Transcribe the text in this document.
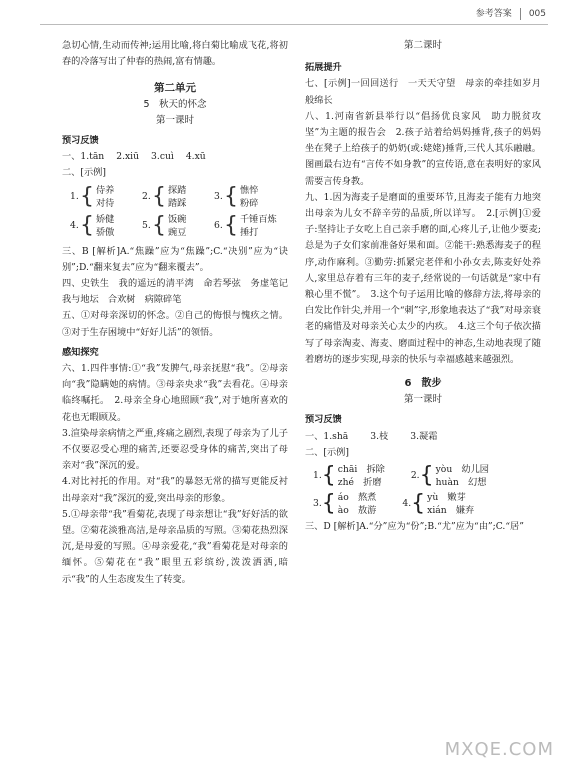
参考答案 005

急切心情,生动而传神;运用比喻,将白菊比喻成飞花,将初春的冷落写出了仲春的热闹,富有情趣。

第二单元
5　秋天的怀念
第一课时
预习反馈
一、1.tān 2.xiū 3.cuì 4.xū
二、[示例]
1. { 侍养
对待
2. { 探踏
踏踩
3. { 憔悴
粉碎
4. { 娇健
骄傲
5. { 饭碗
豌豆
6. { 千锤百炼
捶打

三、B [解析]A.“焦躁”应为“焦躁”;C.“决别”应为“诀别”;D.“翻来复去”应为“翻来覆去”。

四、史铁生　我的遥远的清平湾　命若琴弦　务虚笔记　我与地坛　合欢树　病隙碎笔

五、①对母亲深切的怀念。②自己的悔恨与愧疚之情。③对于生存困境中“好好儿活”的领悟。

感知探究

六、1.四件事情:①“我”发脾气,母亲抚慰“我”。②母亲向“我”隐瞒她的病情。③母亲央求“我”去看花。④母亲临终嘱托。　2.母亲全身心地照顾“我”,对于她所喜欢的花也无暇顾及。

3.渲染母亲病情之严重,疼痛之剧烈,表现了母亲为了儿子不仅要忍受心理的痛苦,还要忍受身体的痛苦,突出了母亲对“我”深沉的爱。

4.对比衬托的作用。对“我”的暴怒无常的描写更能反衬出母亲对“我”深沉的爱,突出母亲的形象。

5.①母亲带“我”看菊花,表现了母亲想让“我”好好活的欲望。②菊花淡雅高洁,是母亲品质的写照。③菊花热烈深沉,是母爱的写照。④母亲爱花,“我”看菊花是对母亲的缅怀。⑤菊花在“我”眼里五彩缤纷,泼泼洒洒,暗示“我”的人生态度发生了转变。

第二课时
拓展提升

七、[示例]一回回送行　一天天守望　母亲的牵挂如岁月般绵长

八、1.河南省新县举行以“倡扬优良家风　助力脱贫攻坚”为主题的报告会　2.孩子站着给妈妈捶背,孩子的妈妈坐在凳子上给孩子的奶奶(或:姥姥)捶背,三代人其乐融融。图画最右边有“言传不如身教”的宣传语,意在表明好的家风需要言传身教。

九、1.因为海麦子是磨面的重要环节,且海麦子能有力地突出母亲为儿女不辞辛劳的品质,所以详写。　2.[示例]①爱子:坚持让子女吃上自己亲手磨的面,心疼儿子,让他少要麦;总是为子女们家前准备好果和面。②能干:熟悉海麦子的程序,动作麻利。③勤劳:抓紧完老伴和小孙女去,陈麦好处养人,家里总存着有三年的麦子,经常说的一句话就是“家中有粮心里不慌”。　3.这个句子运用比喻的修辞方法,将母亲的白发比作针尖,并用一个“刺”字,形象地表达了“我”对母亲衰老的痛惜及对母亲关心太少的内疚。　4.这三个句子依次描写了母亲淘麦、海麦、磨面过程中的神态,生动地表现了随着磨坊的逐步实现,母亲的快乐与幸福感越来越强烈。

6　散步
第一课时
预习反馈
一、1.shā 3.枝 3.凝霜
二、[示例]
1. { chāi　拆除
zhé　折磨
2. { yòu　幼儿园
huàn　幻想
3. { áo　熬煮
ào　敖游
4. { yù　嫩芽
xián　嫌弃

三、D [解析]A.“分”应为“份”;B.“尤”应为“由”;C.“居”

MXQE.COM
